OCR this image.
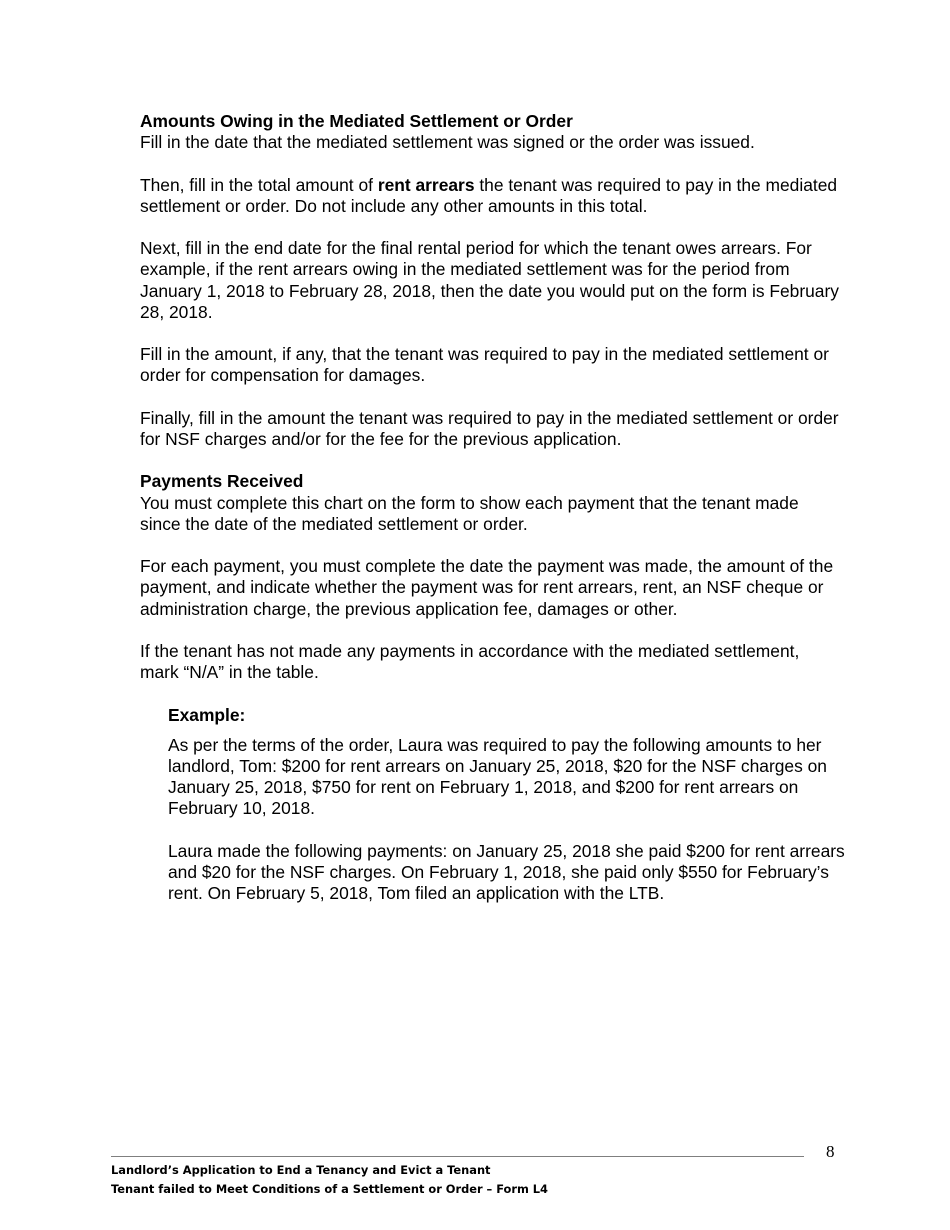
Amounts Owing in the Mediated Settlement or Order
Fill in the date that the mediated settlement was signed or the order was issued.

Then, fill in the total amount of rent arrears the tenant was required to pay in the mediated settlement or order. Do not include any other amounts in this total.

Next, fill in the end date for the final rental period for which the tenant owes arrears. For example, if the rent arrears owing in the mediated settlement was for the period from January 1, 2018 to February 28, 2018, then the date you would put on the form is February 28, 2018.

Fill in the amount, if any, that the tenant was required to pay in the mediated settlement or order for compensation for damages.

Finally, fill in the amount the tenant was required to pay in the mediated settlement or order for NSF charges and/or for the fee for the previous application.

Payments Received
You must complete this chart on the form to show each payment that the tenant made since the date of the mediated settlement or order.

For each payment, you must complete the date the payment was made, the amount of the payment, and indicate whether the payment was for rent arrears, rent, an NSF cheque or administration charge, the previous application fee, damages or other.

If the tenant has not made any payments in accordance with the mediated settlement, mark “N/A” in the table.

Example:

As per the terms of the order, Laura was required to pay the following amounts to her landlord, Tom: $200 for rent arrears on January 25, 2018, $20 for the NSF charges on January 25, 2018, $750 for rent on February 1, 2018, and $200 for rent arrears on February 10, 2018.

Laura made the following payments: on January 25, 2018 she paid $200 for rent arrears and $20 for the NSF charges. On February 1, 2018, she paid only $550 for February’s rent. On February 5, 2018, Tom filed an application with the LTB.

8
Landlord’s Application to End a Tenancy and Evict a Tenant
Tenant failed to Meet Conditions of a Settlement or Order – Form L4
